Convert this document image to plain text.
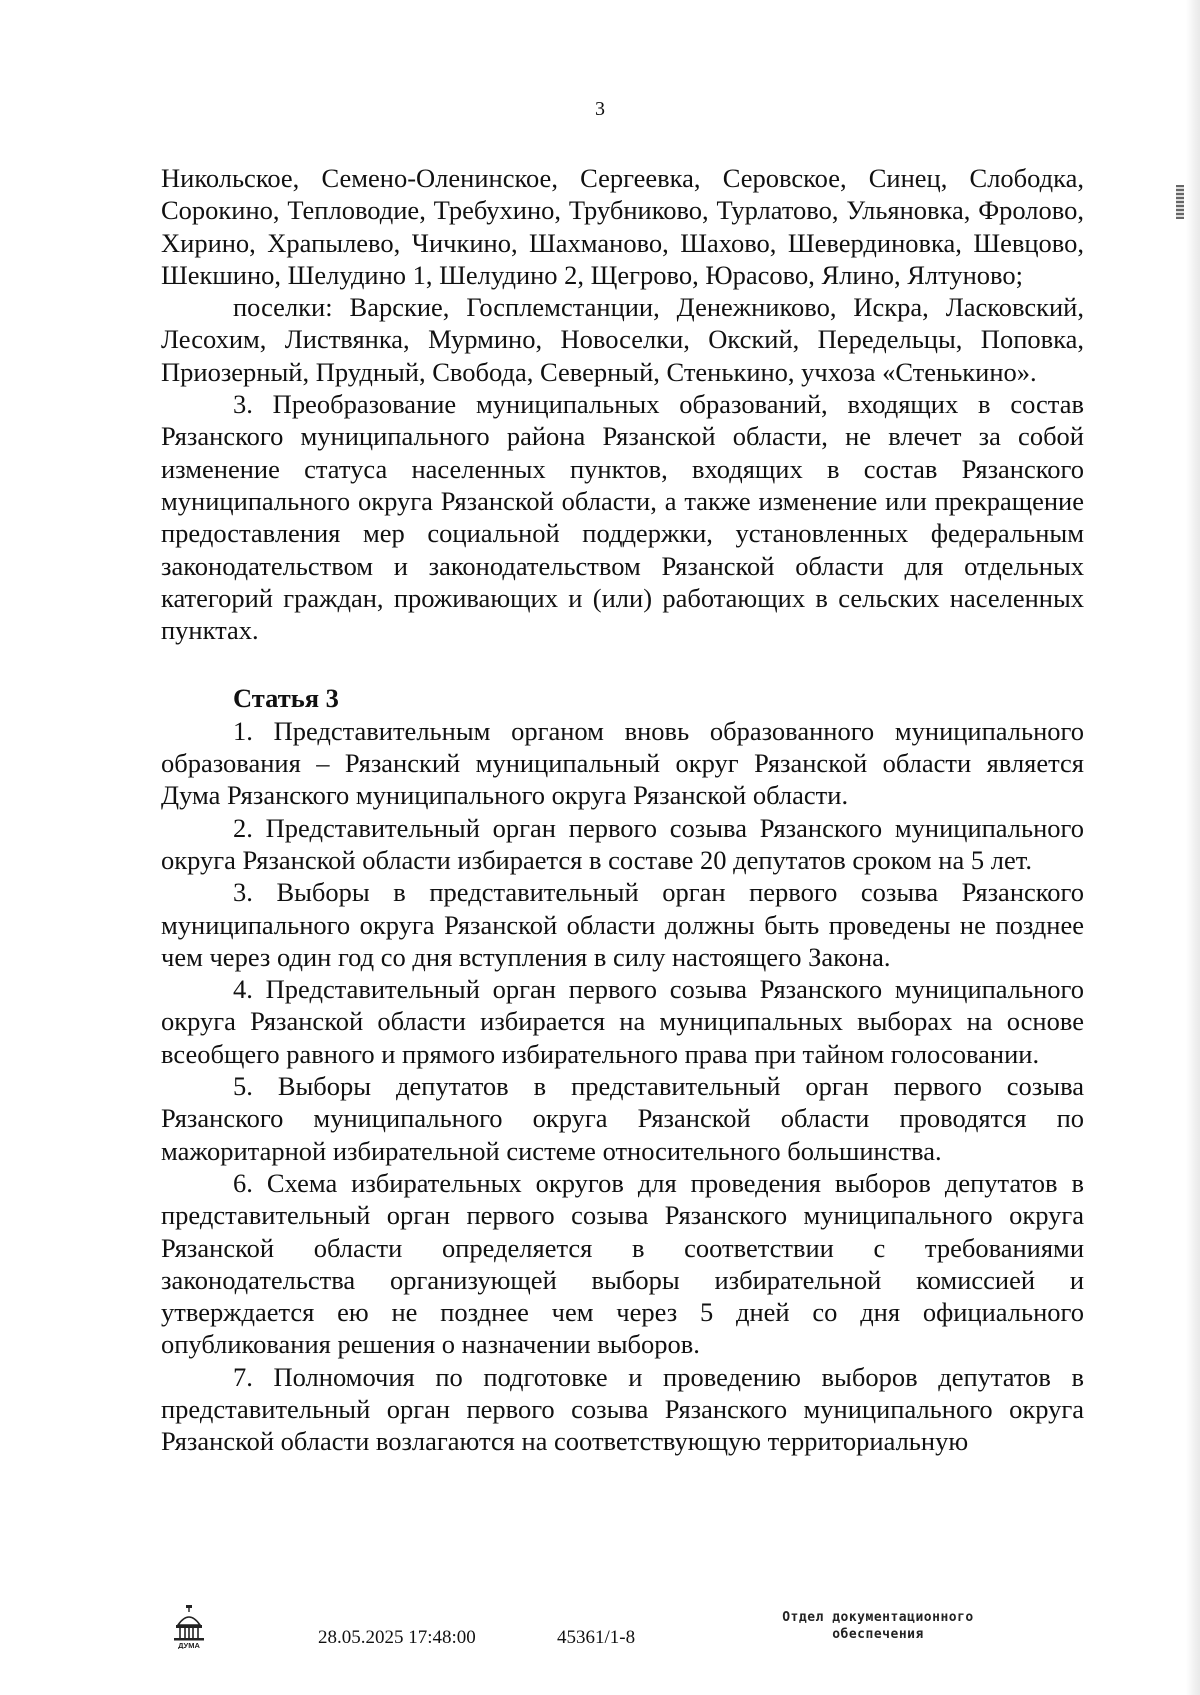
3

Никольское, Семено-Оленинское, Сергеевка, Серовское, Синец, Слободка, Сорокино, Тепловодие, Требухино, Трубниково, Турлатово, Ульяновка, Фролово, Хирино, Храпылево, Чичкино, Шахманово, Шахово, Шевердиновка, Шевцово, Шекшино, Шелудино 1, Шелудино 2, Щегрово, Юрасово, Ялино, Ялтуново;

поселки: Варские, Госплемстанции, Денежниково, Искра, Ласковский, Лесохим, Листвянка, Мурмино, Новоселки, Окский, Передельцы, Поповка, Приозерный, Прудный, Свобода, Северный, Стенькино, учхоза «Стенькино».

3. Преобразование муниципальных образований, входящих в состав Рязанского муниципального района Рязанской области, не влечет за собой изменение статуса населенных пунктов, входящих в состав Рязанского муниципального округа Рязанской области, а также изменение или прекращение предоставления мер социальной поддержки, установленных федеральным законодательством и законодательством Рязанской области для отдельных категорий граждан, проживающих и (или) работающих в сельских населенных пунктах.

Статья 3

1. Представительным органом вновь образованного муниципального образования – Рязанский муниципальный округ Рязанской области является Дума Рязанского муниципального округа Рязанской области.

2. Представительный орган первого созыва Рязанского муниципального округа Рязанской области избирается в составе 20 депутатов сроком на 5 лет.

3. Выборы в представительный орган первого созыва Рязанского муниципального округа Рязанской области должны быть проведены не позднее чем через один год со дня вступления в силу настоящего Закона.

4. Представительный орган первого созыва Рязанского муниципального округа Рязанской области избирается на муниципальных выборах на основе всеобщего равного и прямого избирательного права при тайном голосовании.

5. Выборы депутатов в представительный орган первого созыва Рязанского муниципального округа Рязанской области проводятся по мажоритарной избирательной системе относительного большинства.

6. Схема избирательных округов для проведения выборов депутатов в представительный орган первого созыва Рязанского муниципального округа Рязанской области определяется в соответствии с требованиями законодательства организующей выборы избирательной комиссией и утверждается ею не позднее чем через 5 дней со дня официального опубликования решения о назначении выборов.

7. Полномочия по подготовке и проведению выборов депутатов в представительный орган первого созыва Рязанского муниципального округа Рязанской области возлагаются на соответствующую территориальную

ДУМА	28.05.2025 17:48:00	45361/1-8
Отдел документационного
обеспечения
